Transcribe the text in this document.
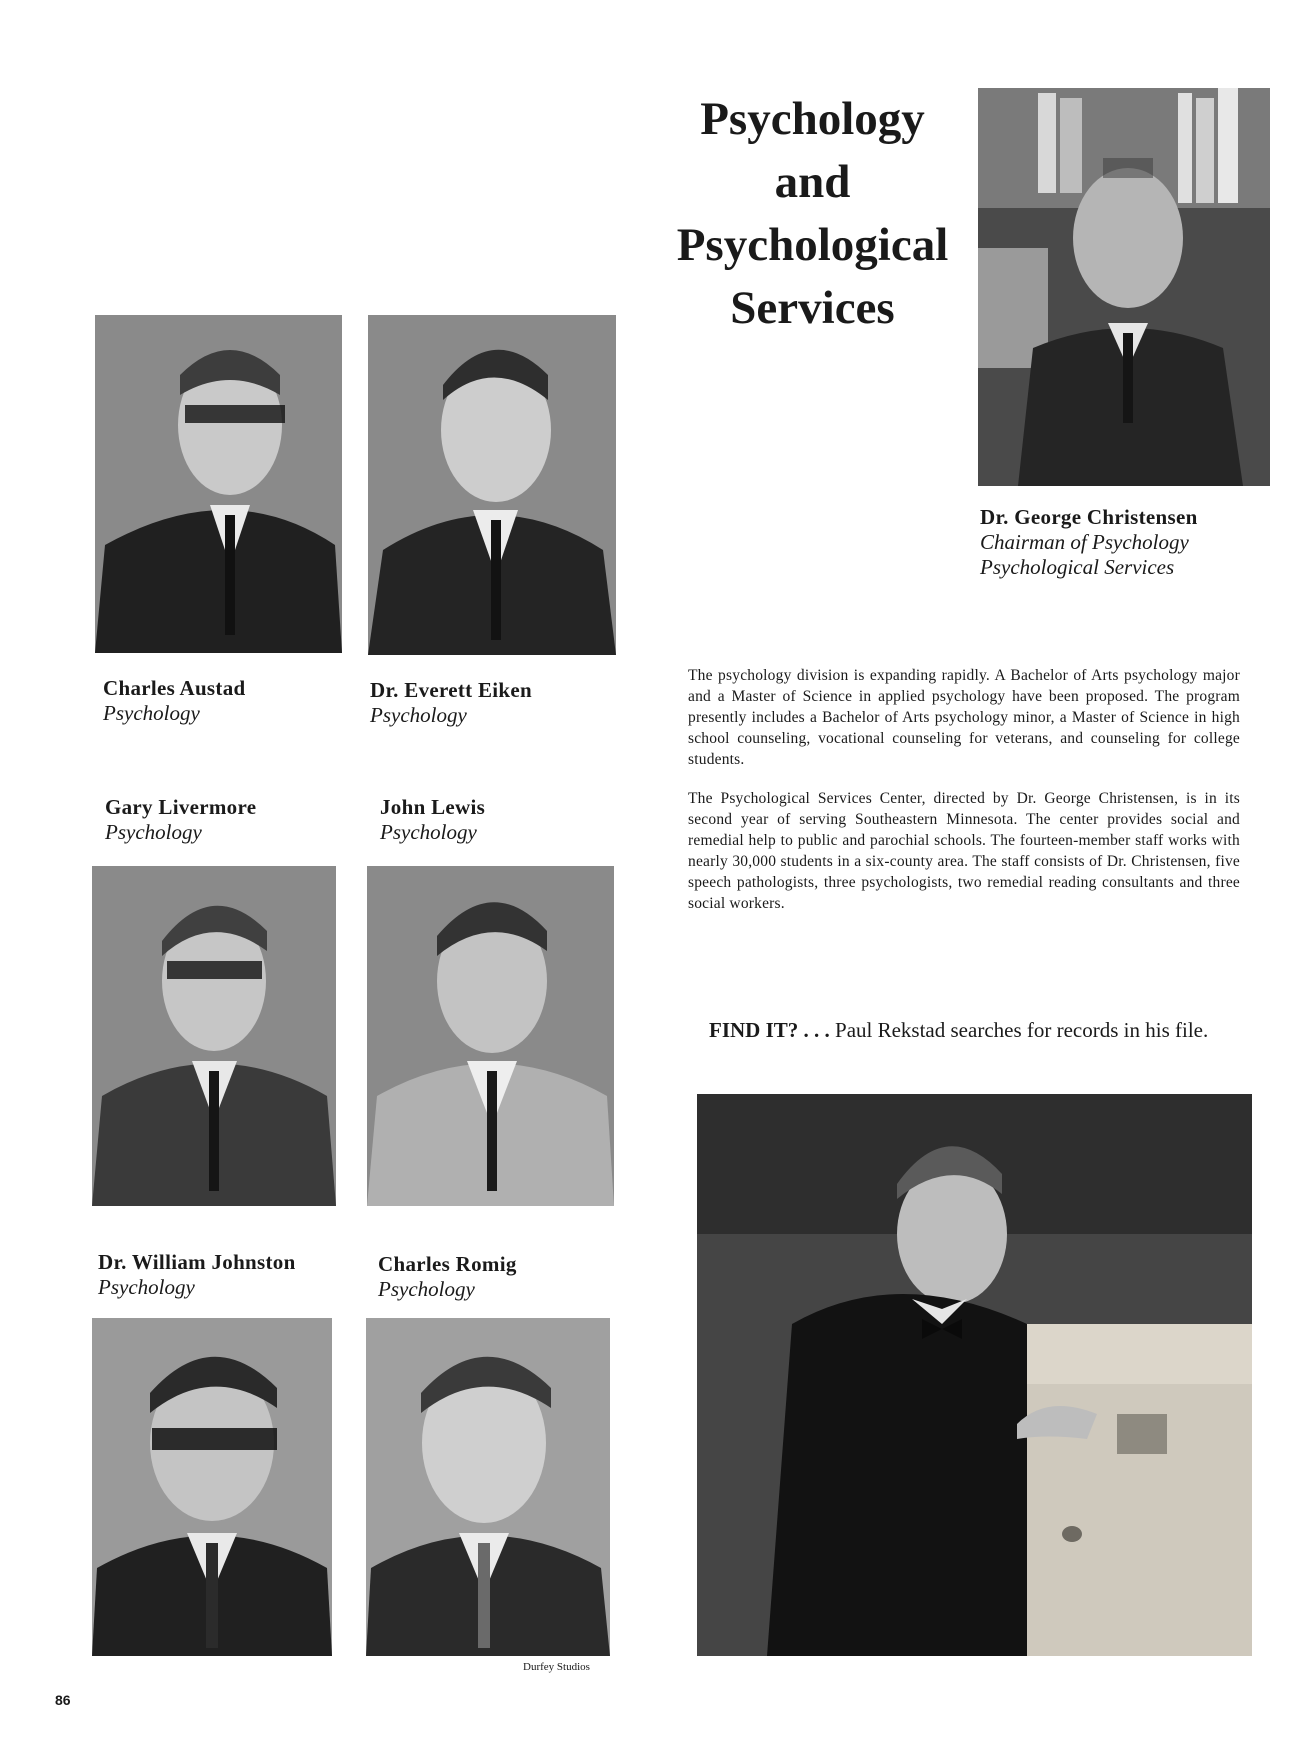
Psychology
and
Psychological
Services
Dr. George Christensen
Chairman of Psychology
Psychological Services
Charles Austad
Psychology
Dr. Everett Eiken
Psychology
Gary Livermore
Psychology
John Lewis
Psychology
Dr. William Johnston
Psychology
Charles Romig
Psychology
The psychology division is expanding rapidly. A Bachelor of Arts psychology major and a Master of Science in applied psychology have been proposed. The program presently includes a Bachelor of Arts psychology minor, a Master of Science in high school counseling, vocational counseling for veterans, and counseling for college students.
The Psychological Services Center, directed by Dr. George Christensen, is in its second year of serving Southeastern Minnesota. The center provides social and remedial help to public and parochial schools. The fourteen-member staff works with nearly 30,000 students in a six-county area. The staff consists of Dr. Christensen, five speech pathologists, three psychologists, two remedial reading consultants and three social workers.
FIND IT? . . . Paul Rekstad searches for records in his file.
Durfey Studios
86
